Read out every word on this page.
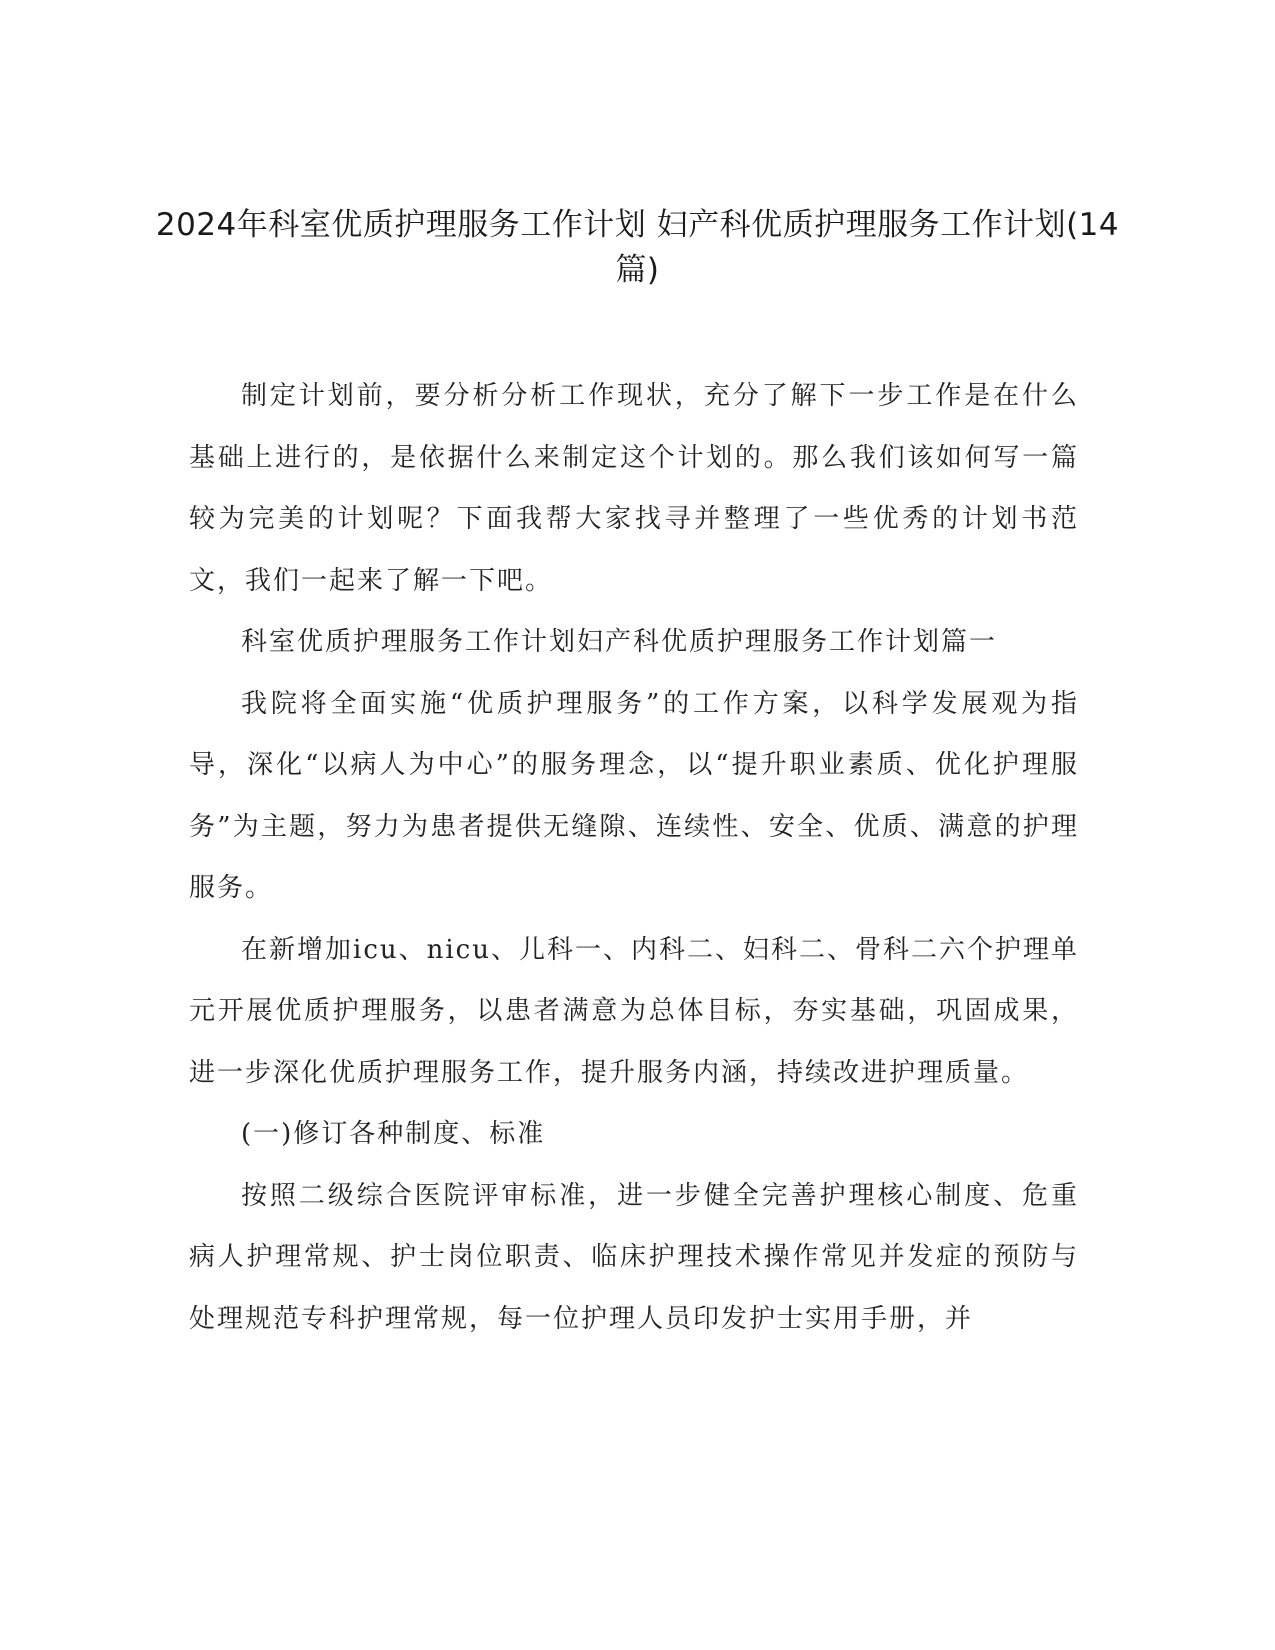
2024年科室优质护理服务工作计划 妇产科优质护理服务工作计划(14篇)

制定计划前，要分析分析工作现状，充分了解下一步工作是在什么基础上进行的，是依据什么来制定这个计划的。那么我们该如何写一篇较为完美的计划呢？下面我帮大家找寻并整理了一些优秀的计划书范文，我们一起来了解一下吧。

科室优质护理服务工作计划妇产科优质护理服务工作计划篇一

我院将全面实施“优质护理服务”的工作方案，以科学发展观为指导，深化“以病人为中心”的服务理念，以“提升职业素质、优化护理服务”为主题，努力为患者提供无缝隙、连续性、安全、优质、满意的护理服务。

在新增加icu、nicu、儿科一、内科二、妇科二、骨科二六个护理单元开展优质护理服务，以患者满意为总体目标，夯实基础，巩固成果，进一步深化优质护理服务工作，提升服务内涵，持续改进护理质量。

(一)修订各种制度、标准

按照二级综合医院评审标准，进一步健全完善护理核心制度、危重病人护理常规、护士岗位职责、临床护理技术操作常见并发症的预防与处理规范专科护理常规，每一位护理人员印发护士实用手册，并
